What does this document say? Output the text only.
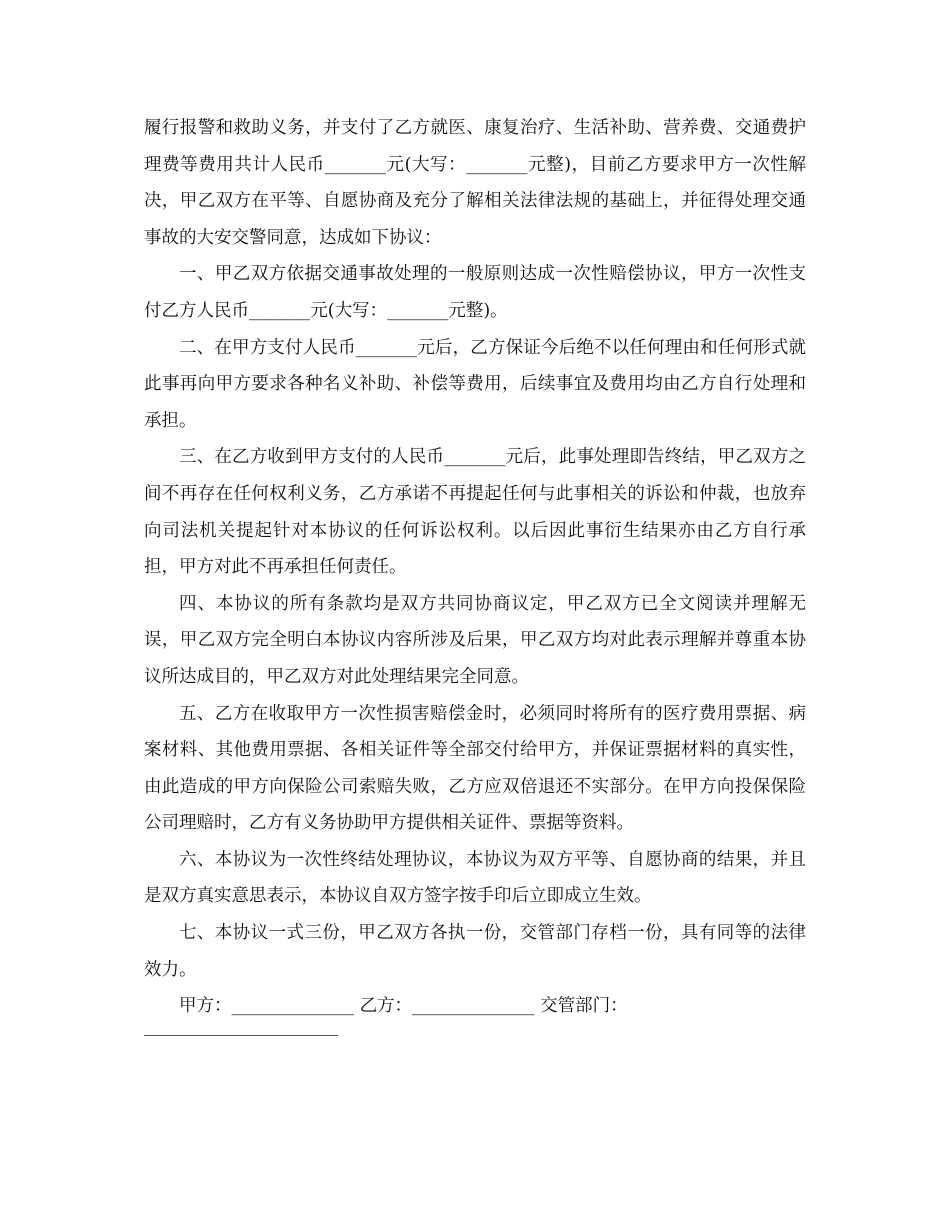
履行报警和救助义务，并支付了乙方就医、康复治疗、生活补助、营养费、交通费护理费等费用共计人民币_______元(大写：_______元整)，目前乙方要求甲方一次性解决，甲乙双方在平等、自愿协商及充分了解相关法律法规的基础上，并征得处理交通事故的大安交警同意，达成如下协议：

一、甲乙双方依据交通事故处理的一般原则达成一次性赔偿协议，甲方一次性支付乙方人民币_______元(大写：_______元整)。

二、在甲方支付人民币_______元后，乙方保证今后绝不以任何理由和任何形式就此事再向甲方要求各种名义补助、补偿等费用，后续事宜及费用均由乙方自行处理和承担。

三、在乙方收到甲方支付的人民币_______元后，此事处理即告终结，甲乙双方之间不再存在任何权利义务，乙方承诺不再提起任何与此事相关的诉讼和仲裁，也放弃向司法机关提起针对本协议的任何诉讼权利。以后因此事衍生结果亦由乙方自行承担，甲方对此不再承担任何责任。

四、本协议的所有条款均是双方共同协商议定，甲乙双方已全文阅读并理解无误，甲乙双方完全明白本协议内容所涉及后果，甲乙双方均对此表示理解并尊重本协议所达成目的，甲乙双方对此处理结果完全同意。

五、乙方在收取甲方一次性损害赔偿金时，必须同时将所有的医疗费用票据、病案材料、其他费用票据、各相关证件等全部交付给甲方，并保证票据材料的真实性，由此造成的甲方向保险公司索赔失败，乙方应双倍退还不实部分。在甲方向投保保险公司理赔时，乙方有义务协助甲方提供相关证件、票据等资料。

六、本协议为一次性终结处理协议，本协议为双方平等、自愿协商的结果，并且是双方真实意思表示，本协议自双方签字按手印后立即成立生效。

七、本协议一式三份，甲乙双方各执一份，交管部门存档一份，具有同等的法律效力。

甲方：______________ 乙方：______________ 交管部门：
